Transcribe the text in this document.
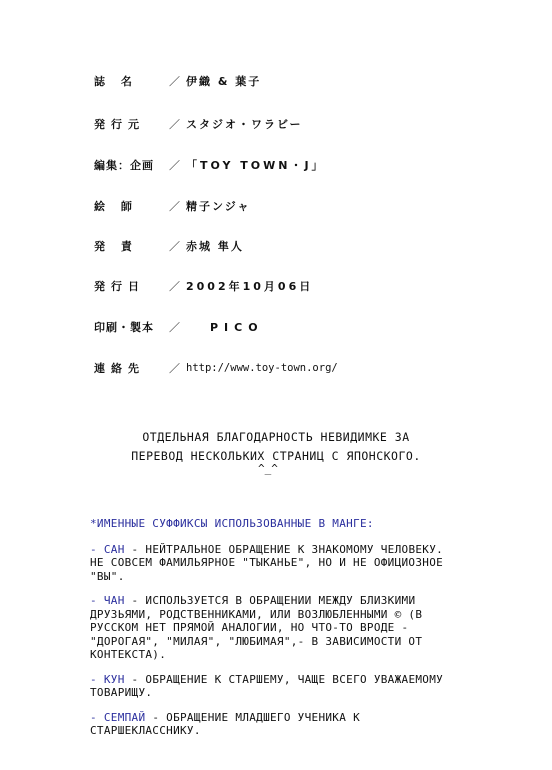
誌 名	／ 伊織 & 葉子
発行元	／ スタジオ・ワラビー
編集：企画	／ 「TOY TOWN・J」
絵 師	／ 精子ンジャ
発 責	／ 赤城 隼人
発行日	／ 2002年10月06日
印刷・製本	／	PICO
連絡先	／ http://www.toy-town.org/
ОТДЕЛЬНАЯ БЛАГОДАРНОСТЬ НЕВИДИМКЕ ЗА
ПЕРЕВОД НЕСКОЛЬКИХ СТРАНИЦ С ЯПОНСКОГО.
^_^
*ИМЕННЫЕ СУФФИКСЫ ИСПОЛЬЗОВАННЫЕ В МАНГЕ:
- САН - НЕЙТРАЛЬНОЕ ОБРАЩЕНИЕ К ЗНАКОМОМУ ЧЕЛОВЕКУ. НЕ СОВСЕМ ФАМИЛЬЯРНОЕ "ТЫКАНЬЕ", НО И НЕ ОФИЦИОЗНОЕ "ВЫ".
- ЧАН - ИСПОЛЬЗУЕТСЯ В ОБРАЩЕНИИ МЕЖДУ БЛИЗКИМИ ДРУЗЬЯМИ, РОДСТВЕННИКАМИ, ИЛИ ВОЗЛЮБЛЕННЫМИ © (В РУССКОМ НЕТ ПРЯМОЙ АНАЛОГИИ, НО ЧТО-ТО ВРОДЕ - "ДОРОГАЯ", "МИЛАЯ", "ЛЮБИМАЯ",- В ЗАВИСИМОСТИ ОТ КОНТЕКСТА).
- КУН - ОБРАЩЕНИЕ К СТАРШЕМУ, ЧАЩЕ ВСЕГО УВАЖАЕМОМУ ТОВАРИЩУ.
- СЕМПАЙ - ОБРАЩЕНИЕ МЛАДШЕГО УЧЕНИКА К СТАРШЕКЛАССНИКУ.
